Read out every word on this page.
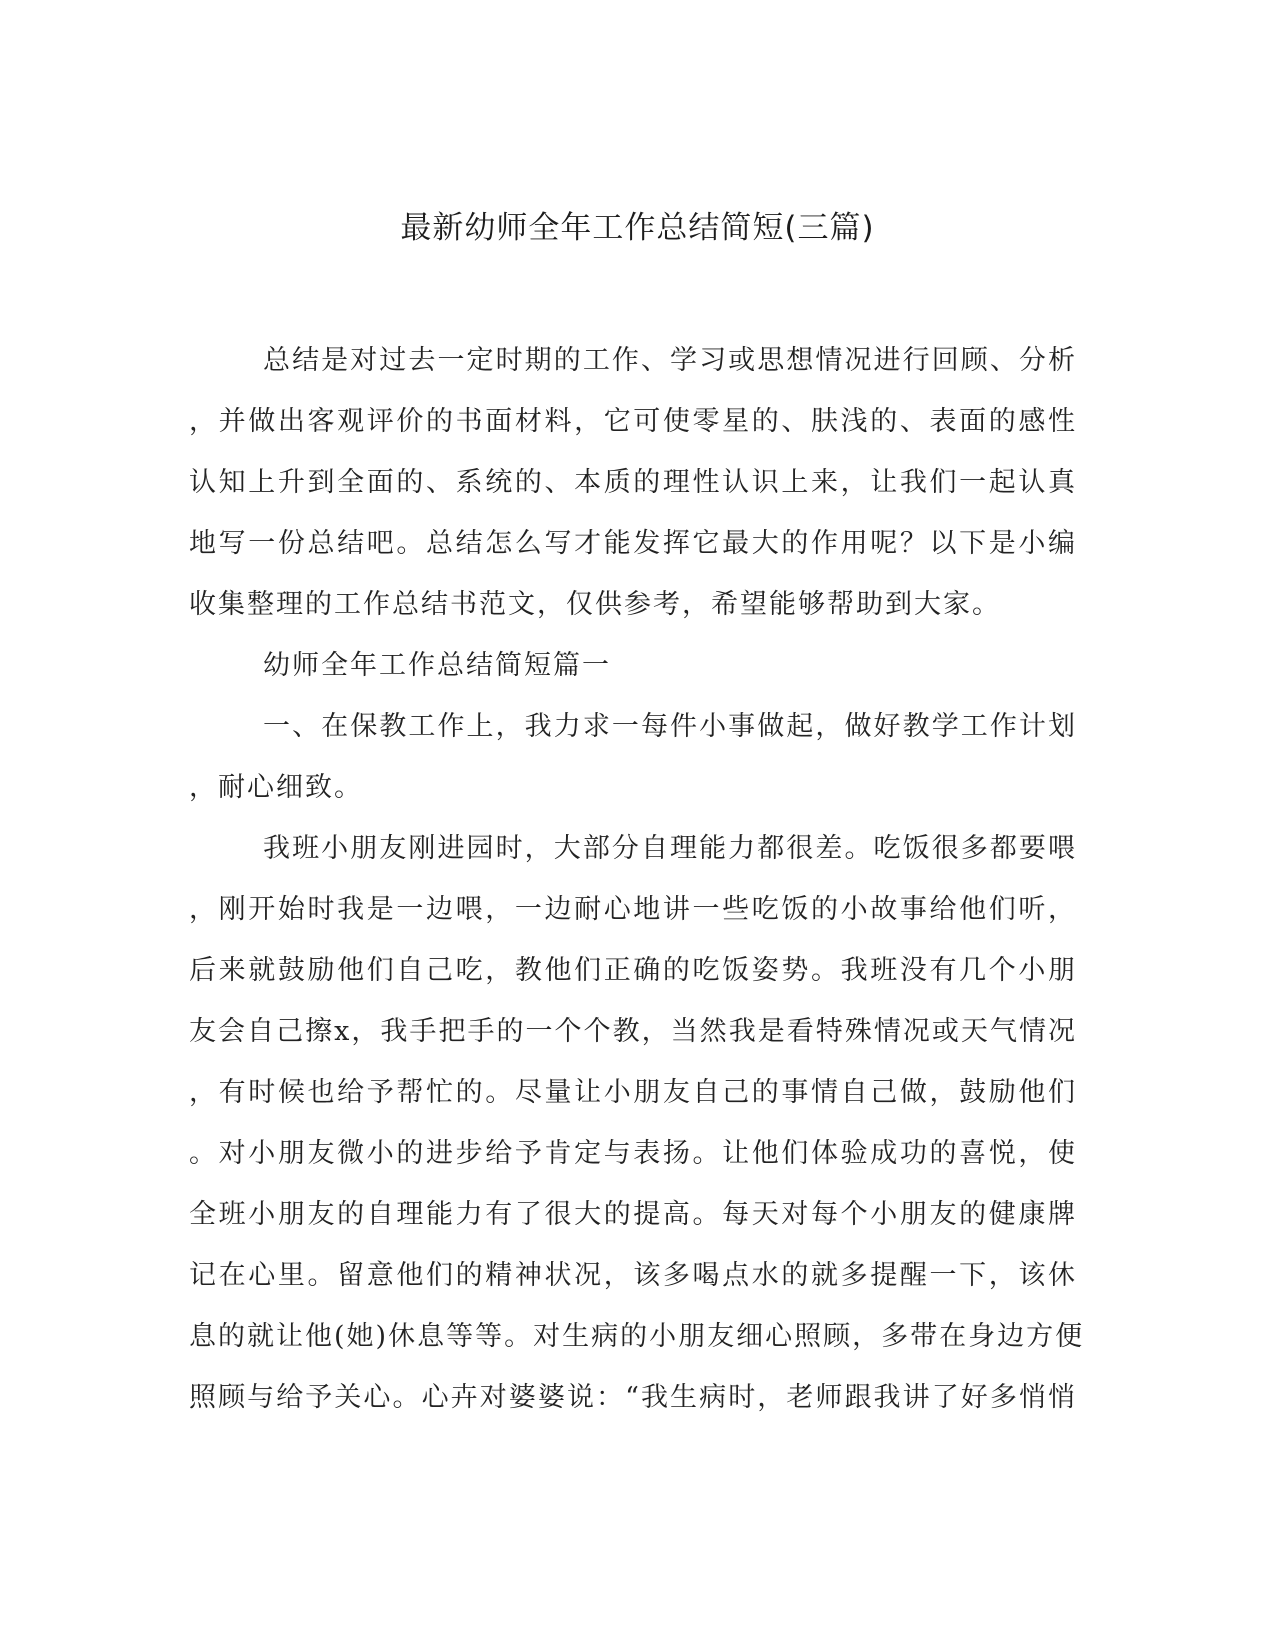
最新幼师全年工作总结简短(三篇)
总结是对过去一定时期的工作、学习或思想情况进行回顾、分析
，并做出客观评价的书面材料，它可使零星的、肤浅的、表面的感性
认知上升到全面的、系统的、本质的理性认识上来，让我们一起认真
地写一份总结吧。总结怎么写才能发挥它最大的作用呢？以下是小编
收集整理的工作总结书范文，仅供参考，希望能够帮助到大家。
幼师全年工作总结简短篇一
一、在保教工作上，我力求一每件小事做起，做好教学工作计划
，耐心细致。
我班小朋友刚进园时，大部分自理能力都很差。吃饭很多都要喂
，刚开始时我是一边喂，一边耐心地讲一些吃饭的小故事给他们听，
后来就鼓励他们自己吃，教他们正确的吃饭姿势。我班没有几个小朋
友会自己擦x，我手把手的一个个教，当然我是看特殊情况或天气情况
，有时候也给予帮忙的。尽量让小朋友自己的事情自己做，鼓励他们
。对小朋友微小的进步给予肯定与表扬。让他们体验成功的喜悦，使
全班小朋友的自理能力有了很大的提高。每天对每个小朋友的健康牌
记在心里。留意他们的精神状况，该多喝点水的就多提醒一下，该休
息的就让他(她)休息等等。对生病的小朋友细心照顾，多带在身边方便
照顾与给予关心。心卉对婆婆说：“我生病时，老师跟我讲了好多悄悄
